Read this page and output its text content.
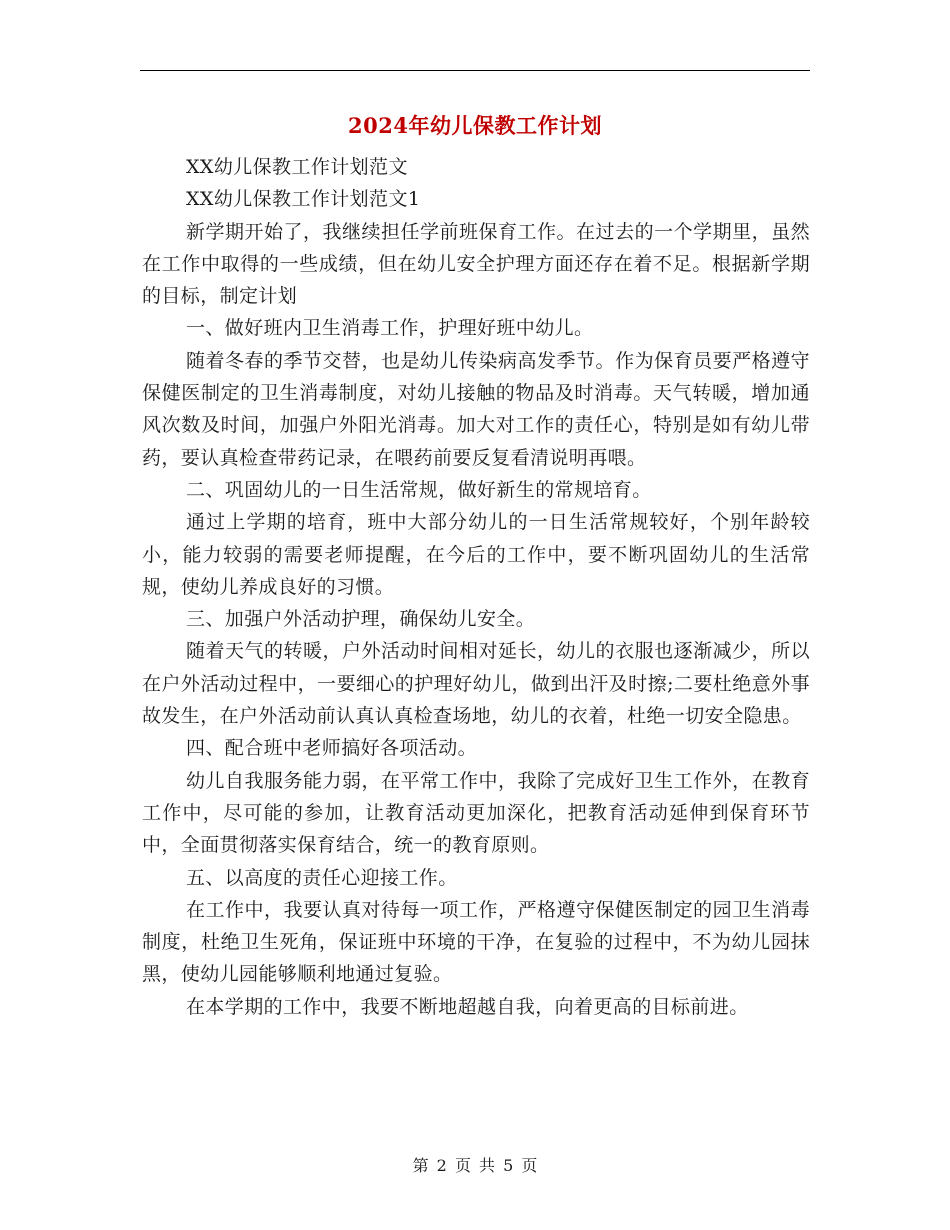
2024年幼儿保教工作计划

XX幼儿保教工作计划范文

XX幼儿保教工作计划范文1

新学期开始了，我继续担任学前班保育工作。在过去的一个学期里，虽然在工作中取得的一些成绩，但在幼儿安全护理方面还存在着不足。根据新学期的目标，制定计划

一、做好班内卫生消毒工作，护理好班中幼儿。

随着冬春的季节交替，也是幼儿传染病高发季节。作为保育员要严格遵守保健医制定的卫生消毒制度，对幼儿接触的物品及时消毒。天气转暖，增加通风次数及时间，加强户外阳光消毒。加大对工作的责任心，特别是如有幼儿带药，要认真检查带药记录，在喂药前要反复看清说明再喂。

二、巩固幼儿的一日生活常规，做好新生的常规培育。

通过上学期的培育，班中大部分幼儿的一日生活常规较好，个别年龄较小，能力较弱的需要老师提醒，在今后的工作中，要不断巩固幼儿的生活常规，使幼儿养成良好的习惯。

三、加强户外活动护理，确保幼儿安全。

随着天气的转暖，户外活动时间相对延长，幼儿的衣服也逐渐减少，所以在户外活动过程中，一要细心的护理好幼儿，做到出汗及时擦;二要杜绝意外事故发生，在户外活动前认真认真检查场地，幼儿的衣着，杜绝一切安全隐患。

四、配合班中老师搞好各项活动。

幼儿自我服务能力弱，在平常工作中，我除了完成好卫生工作外，在教育工作中，尽可能的参加，让教育活动更加深化，把教育活动延伸到保育环节中，全面贯彻落实保育结合，统一的教育原则。

五、以高度的责任心迎接工作。

在工作中，我要认真对待每一项工作，严格遵守保健医制定的园卫生消毒制度，杜绝卫生死角，保证班中环境的干净，在复验的过程中，不为幼儿园抹黑，使幼儿园能够顺利地通过复验。

在本学期的工作中，我要不断地超越自我，向着更高的目标前进。

第 2 页 共 5 页
